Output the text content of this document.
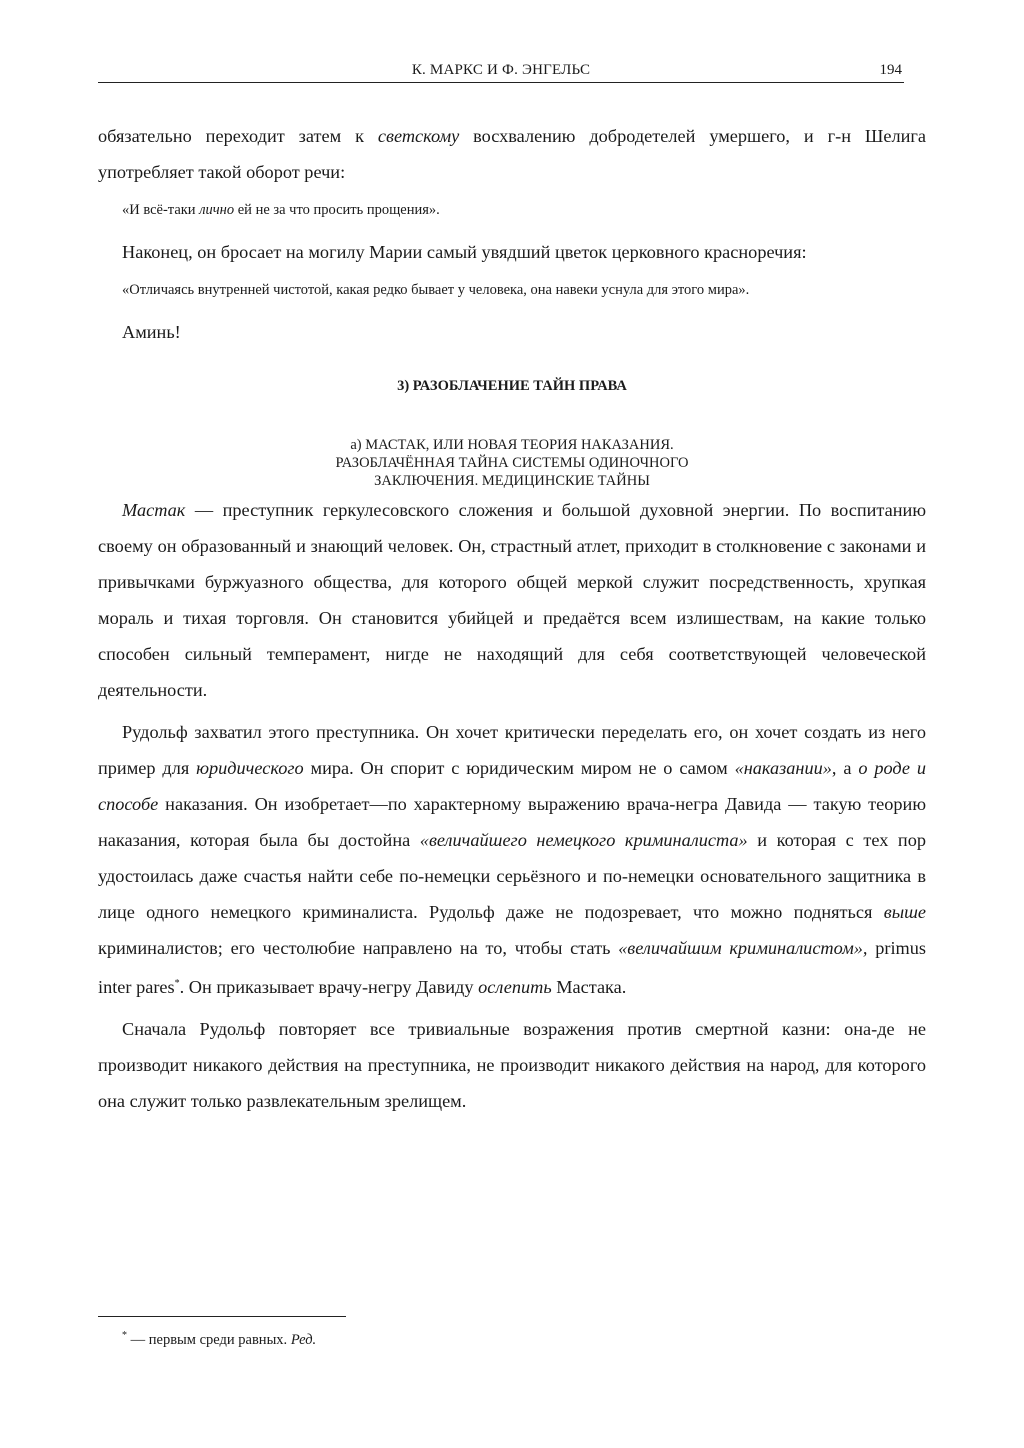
К. МАРКС И Ф. ЭНГЕЛЬС	194

обязательно переходит затем к светскому восхвалению добродетелей умершего, и г-н Шелига употребляет такой оборот речи:

«И всё-таки лично ей не за что просить прощения».

Наконец, он бросает на могилу Марии самый увядший цветок церковного красноречия:

«Отличаясь внутренней чистотой, какая редко бывает у человека, она навеки уснула для этого мира».

Аминь!

3) РАЗОБЛАЧЕНИЕ ТАЙН ПРАВА
а) МАСТАК, ИЛИ НОВАЯ ТЕОРИЯ НАКАЗАНИЯ.
РАЗОБЛАЧЁННАЯ ТАЙНА СИСТЕМЫ ОДИНОЧНОГО
ЗАКЛЮЧЕНИЯ. МЕДИЦИНСКИЕ ТАЙНЫ

Мастак — преступник геркулесовского сложения и большой духовной энергии. По воспитанию своему он образованный и знающий человек. Он, страстный атлет, приходит в столкновение с законами и привычками буржуазного общества, для которого общей меркой служит посредственность, хрупкая мораль и тихая торговля. Он становится убийцей и предаётся всем излишествам, на какие только способен сильный темперамент, нигде не находящий для себя соответствующей человеческой деятельности.

Рудольф захватил этого преступника. Он хочет критически переделать его, он хочет создать из него пример для юридического мира. Он спорит с юридическим миром не о самом «наказании», а о роде и способе наказания. Он изобретает—по характерному выражению врача-негра Давида — такую теорию наказания, которая была бы достойна «величайшего немецкого криминалиста» и которая с тех пор удостоилась даже счастья найти себе по-немецки серьёзного и по-немецки основательного защитника в лице одного немецкого криминалиста. Рудольф даже не подозревает, что можно подняться выше криминалистов; его честолюбие направлено на то, чтобы стать «величайшим криминалистом», primus inter pares*. Он приказывает врачу-негру Давиду ослепить Мастака.

Сначала Рудольф повторяет все тривиальные возражения против смертной казни: она-де не производит никакого действия на преступника, не производит никакого действия на народ, для которого она служит только развлекательным зрелищем.

* — первым среди равных. Ред.
